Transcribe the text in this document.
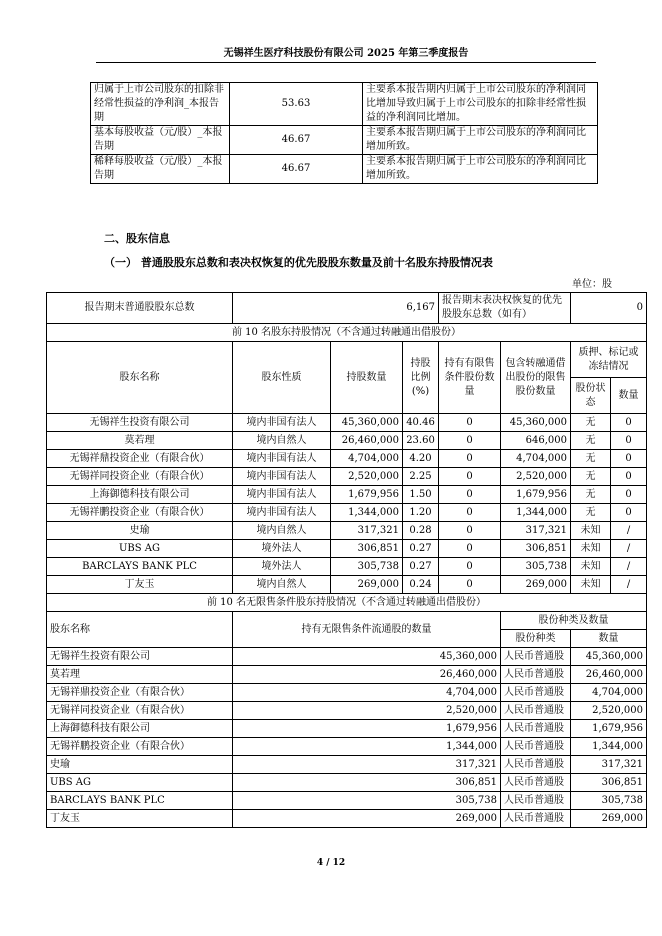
无锡祥生医疗科技股份有限公司 2025 年第三季度报告
归属于上市公司股东的扣除非经常性损益的净利润_本报告期	53.63	主要系本报告期内归属于上市公司股东的净利润同比增加导致归属于上市公司股东的扣除非经常性损益的净利润同比增加。
基本每股收益（元/股）_本报告期	46.67	主要系本报告期归属于上市公司股东的净利润同比增加所致。
稀释每股收益（元/股）_本报告期	46.67	主要系本报告期归属于上市公司股东的净利润同比增加所致。
二、股东信息
（一） 普通股股东总数和表决权恢复的优先股股东数量及前十名股东持股情况表
单位：股
报告期末普通股股东总数	6,167			报告期末表决权恢复的优先股股东总数（如有）		0	
前 10 名股东持股情况（不含通过转融通出借股份）							
股东名称	股东性质	持股数量	持股比例(%)	持有有限售条件股份数量	包含转融通借出股份的限售股份数量	质押、标记或冻结情况	
						股份状态	数量
无锡祥生投资有限公司	境内非国有法人	45,360,000	40.46	0	45,360,000	无	0
莫若理	境内自然人	26,460,000	23.60	0	646,000	无	0
无锡祥鼎投资企业（有限合伙）	境内非国有法人	4,704,000	4.20	0	4,704,000	无	0
无锡祥同投资企业（有限合伙）	境内非国有法人	2,520,000	2.25	0	2,520,000	无	0
上海御德科技有限公司	境内非国有法人	1,679,956	1.50	0	1,679,956	无	0
无锡祥鹏投资企业（有限合伙）	境内非国有法人	1,344,000	1.20	0	1,344,000	无	0
史瑜	境内自然人	317,321	0.28	0	317,321	未知	/
UBS AG	境外法人	306,851	0.27	0	306,851	未知	/
BARCLAYS BANK PLC	境外法人	305,738	0.27	0	305,738	未知	/
丁友玉	境内自然人	269,000	0.24	0	269,000	未知	/
前 10 名无限售条件股东持股情况（不含通过转融通出借股份）							
股东名称	持有无限售条件流通股的数量				股份种类及数量		
					股份种类	数量	
无锡祥生投资有限公司	45,360,000				人民币普通股	45,360,000	
莫若理	26,460,000				人民币普通股	26,460,000	
无锡祥鼎投资企业（有限合伙）	4,704,000				人民币普通股	4,704,000	
无锡祥同投资企业（有限合伙）	2,520,000				人民币普通股	2,520,000	
上海御德科技有限公司	1,679,956				人民币普通股	1,679,956	
无锡祥鹏投资企业（有限合伙）	1,344,000				人民币普通股	1,344,000	
史瑜	317,321				人民币普通股	317,321	
UBS AG	306,851				人民币普通股	306,851	
BARCLAYS BANK PLC	305,738				人民币普通股	305,738	
丁友玉	269,000				人民币普通股	269,000	
4 / 12
